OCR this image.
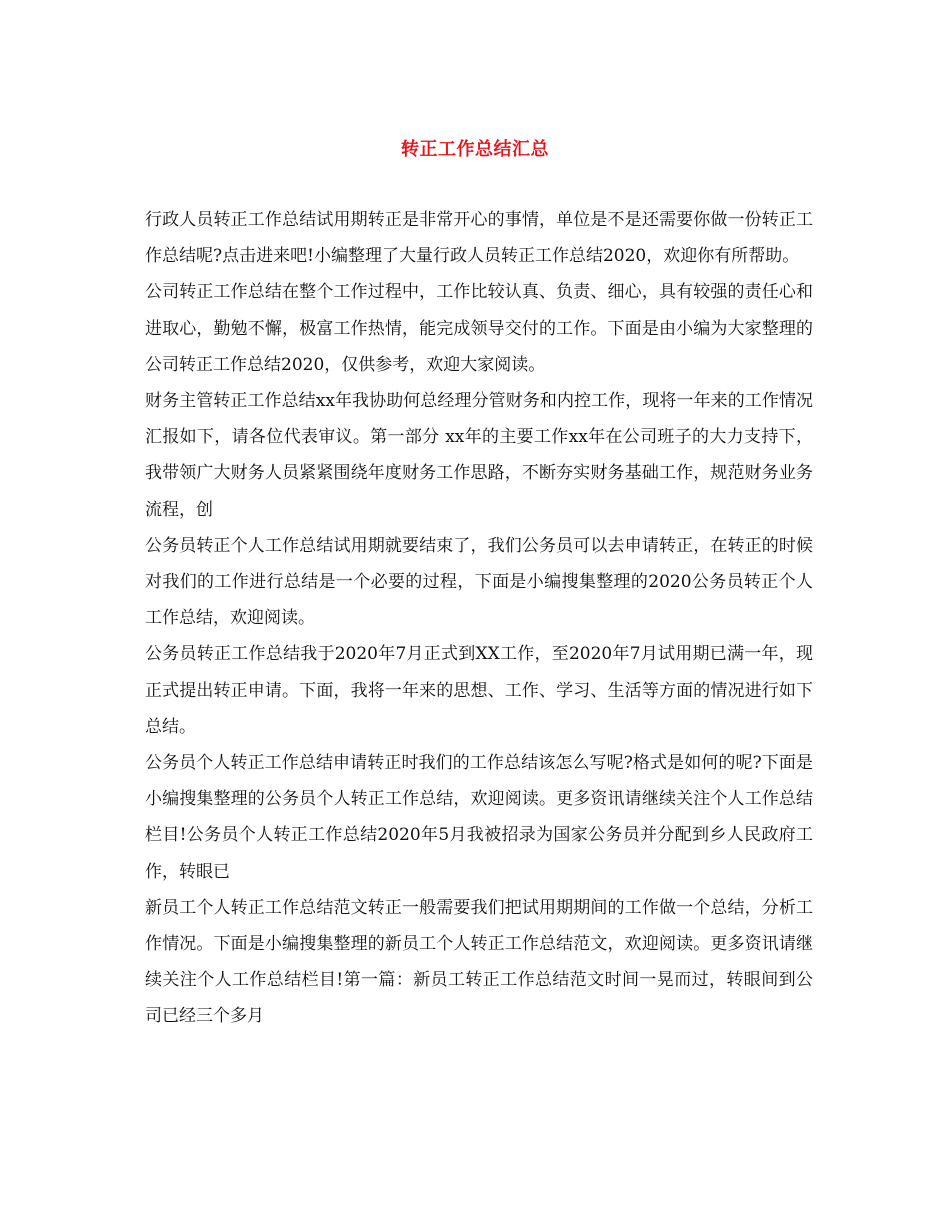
转正工作总结汇总

行政人员转正工作总结试用期转正是非常开心的事情，单位是不是还需要你做一份转正工作总结呢?点击进来吧!小编整理了大量行政人员转正工作总结2020，欢迎你有所帮助。

公司转正工作总结在整个工作过程中，工作比较认真、负责、细心，具有较强的责任心和进取心，勤勉不懈，极富工作热情，能完成领导交付的工作。下面是由小编为大家整理的公司转正工作总结2020，仅供参考，欢迎大家阅读。

财务主管转正工作总结xx年我协助何总经理分管财务和内控工作，现将一年来的工作情况汇报如下，请各位代表审议。第一部分 xx年的主要工作xx年在公司班子的大力支持下，我带领广大财务人员紧紧围绕年度财务工作思路，不断夯实财务基础工作，规范财务业务流程，创

公务员转正个人工作总结试用期就要结束了，我们公务员可以去申请转正，在转正的时候对我们的工作进行总结是一个必要的过程，下面是小编搜集整理的2020公务员转正个人工作总结，欢迎阅读。

公务员转正工作总结我于2020年7月正式到XX工作，至2020年7月试用期已满一年，现正式提出转正申请。下面，我将一年来的思想、工作、学习、生活等方面的情况进行如下总结。

公务员个人转正工作总结申请转正时我们的工作总结该怎么写呢?格式是如何的呢?下面是小编搜集整理的公务员个人转正工作总结，欢迎阅读。更多资讯请继续关注个人工作总结栏目!公务员个人转正工作总结2020年5月我被招录为国家公务员并分配到乡人民政府工作，转眼已

新员工个人转正工作总结范文转正一般需要我们把试用期期间的工作做一个总结，分析工作情况。下面是小编搜集整理的新员工个人转正工作总结范文，欢迎阅读。更多资讯请继续关注个人工作总结栏目!第一篇：新员工转正工作总结范文时间一晃而过，转眼间到公司已经三个多月
